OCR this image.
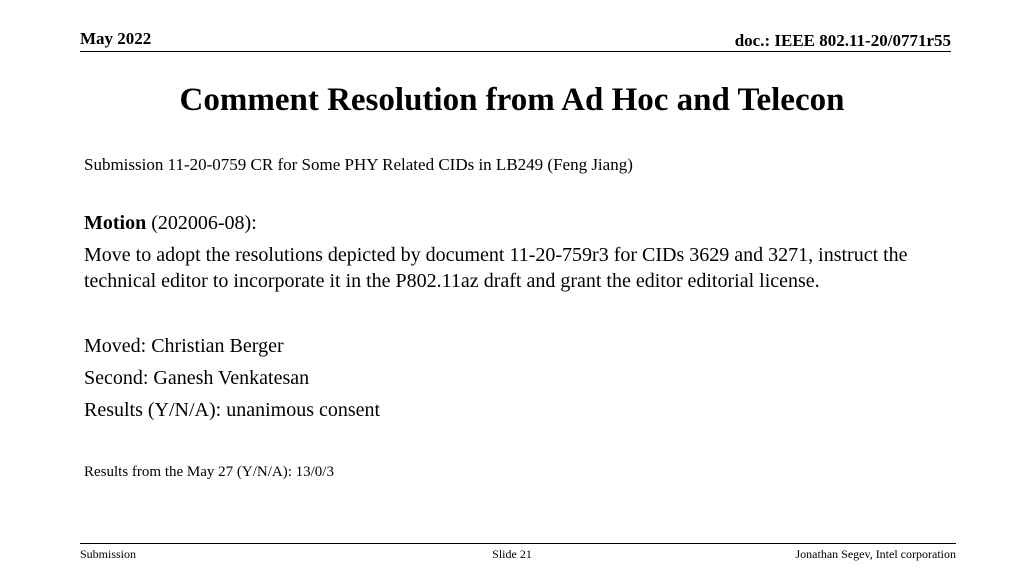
May 2022	doc.: IEEE 802.11-20/0771r55
Comment Resolution from Ad Hoc and Telecon
Submission 11-20-0759 CR for Some PHY Related CIDs in LB249 (Feng Jiang)
Motion (202006-08):
Move to adopt the resolutions depicted by document 11-20-759r3 for CIDs 3629 and 3271, instruct the technical editor to incorporate it in the P802.11az draft and grant the editor editorial license.
Moved: Christian Berger
Second: Ganesh Venkatesan
Results (Y/N/A): unanimous consent
Results from the May 27 (Y/N/A): 13/0/3
Submission	Slide 21	Jonathan Segev, Intel corporation
